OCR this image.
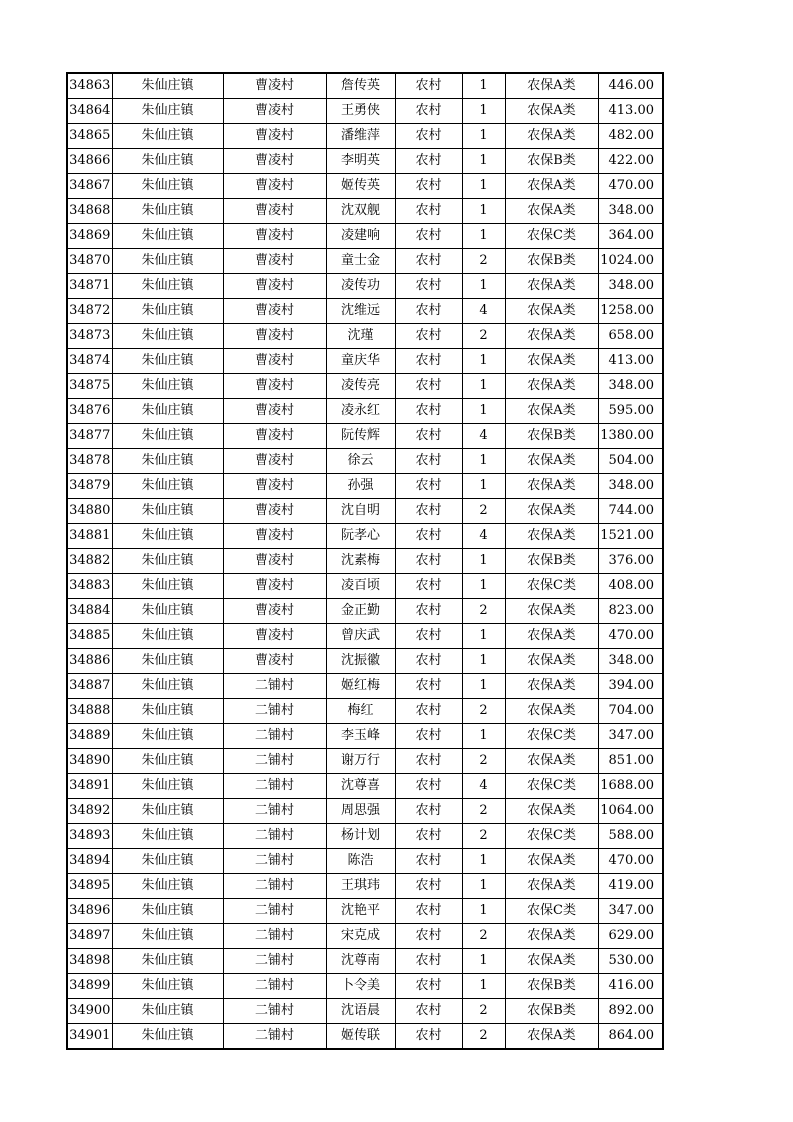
34863	朱仙庄镇	曹凌村	詹传英	农村	1	农保A类	446.00
34864	朱仙庄镇	曹凌村	王勇侠	农村	1	农保A类	413.00
34865	朱仙庄镇	曹凌村	潘维萍	农村	1	农保A类	482.00
34866	朱仙庄镇	曹凌村	李明英	农村	1	农保B类	422.00
34867	朱仙庄镇	曹凌村	姬传英	农村	1	农保A类	470.00
34868	朱仙庄镇	曹凌村	沈双舰	农村	1	农保A类	348.00
34869	朱仙庄镇	曹凌村	凌建响	农村	1	农保C类	364.00
34870	朱仙庄镇	曹凌村	童士金	农村	2	农保B类	1024.00
34871	朱仙庄镇	曹凌村	凌传功	农村	1	农保A类	348.00
34872	朱仙庄镇	曹凌村	沈维远	农村	4	农保A类	1258.00
34873	朱仙庄镇	曹凌村	沈瑾	农村	2	农保A类	658.00
34874	朱仙庄镇	曹凌村	童庆华	农村	1	农保A类	413.00
34875	朱仙庄镇	曹凌村	凌传亮	农村	1	农保A类	348.00
34876	朱仙庄镇	曹凌村	凌永红	农村	1	农保A类	595.00
34877	朱仙庄镇	曹凌村	阮传辉	农村	4	农保B类	1380.00
34878	朱仙庄镇	曹凌村	徐云	农村	1	农保A类	504.00
34879	朱仙庄镇	曹凌村	孙强	农村	1	农保A类	348.00
34880	朱仙庄镇	曹凌村	沈自明	农村	2	农保A类	744.00
34881	朱仙庄镇	曹凌村	阮孝心	农村	4	农保A类	1521.00
34882	朱仙庄镇	曹凌村	沈素梅	农村	1	农保B类	376.00
34883	朱仙庄镇	曹凌村	凌百顷	农村	1	农保C类	408.00
34884	朱仙庄镇	曹凌村	金正勤	农村	2	农保A类	823.00
34885	朱仙庄镇	曹凌村	曾庆武	农村	1	农保A类	470.00
34886	朱仙庄镇	曹凌村	沈振徽	农村	1	农保A类	348.00
34887	朱仙庄镇	二铺村	姬红梅	农村	1	农保A类	394.00
34888	朱仙庄镇	二铺村	梅红	农村	2	农保A类	704.00
34889	朱仙庄镇	二铺村	李玉峰	农村	1	农保C类	347.00
34890	朱仙庄镇	二铺村	谢万行	农村	2	农保A类	851.00
34891	朱仙庄镇	二铺村	沈尊喜	农村	4	农保C类	1688.00
34892	朱仙庄镇	二铺村	周思强	农村	2	农保A类	1064.00
34893	朱仙庄镇	二铺村	杨计划	农村	2	农保C类	588.00
34894	朱仙庄镇	二铺村	陈浩	农村	1	农保A类	470.00
34895	朱仙庄镇	二铺村	王琪玮	农村	1	农保A类	419.00
34896	朱仙庄镇	二铺村	沈艳平	农村	1	农保C类	347.00
34897	朱仙庄镇	二铺村	宋克成	农村	2	农保A类	629.00
34898	朱仙庄镇	二铺村	沈尊南	农村	1	农保A类	530.00
34899	朱仙庄镇	二铺村	卜令美	农村	1	农保B类	416.00
34900	朱仙庄镇	二铺村	沈语晨	农村	2	农保B类	892.00
34901	朱仙庄镇	二铺村	姬传联	农村	2	农保A类	864.00
